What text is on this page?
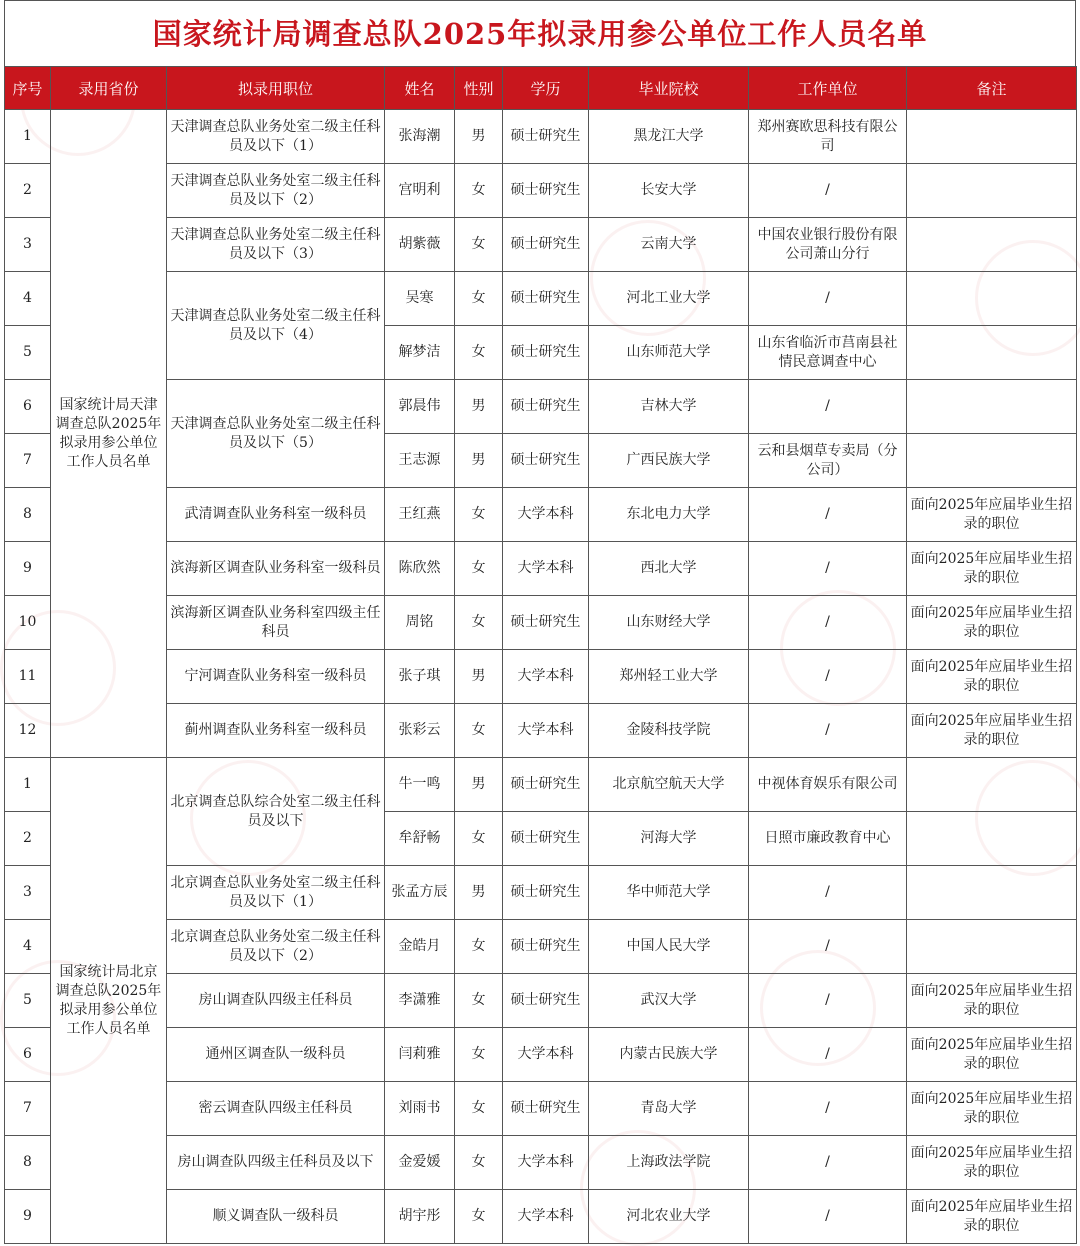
国家统计局调查总队2025年拟录用参公单位工作人员名单
序号	录用省份	拟录用职位	姓名	性别	学历	毕业院校	工作单位	备注
1	国家统计局天津调查总队2025年拟录用参公单位工作人员名单	天津调查总队业务处室二级主任科员及以下（1）	张海潮	男	硕士研究生	黑龙江大学	郑州赛欧思科技有限公司	
2		天津调查总队业务处室二级主任科员及以下（2）	宫明利	女	硕士研究生	长安大学	/	
3		天津调查总队业务处室二级主任科员及以下（3）	胡紫薇	女	硕士研究生	云南大学	中国农业银行股份有限公司萧山分行	
4		天津调查总队业务处室二级主任科员及以下（4）	吴寒	女	硕士研究生	河北工业大学	/	
5			解梦洁	女	硕士研究生	山东师范大学	山东省临沂市莒南县社情民意调查中心	
6		天津调查总队业务处室二级主任科员及以下（5）	郭晨伟	男	硕士研究生	吉林大学	/	
7			王志源	男	硕士研究生	广西民族大学	云和县烟草专卖局（分公司）	
8		武清调查队业务科室一级科员	王红燕	女	大学本科	东北电力大学	/	面向2025年应届毕业生招录的职位
9		滨海新区调查队业务科室一级科员	陈欣然	女	大学本科	西北大学	/	面向2025年应届毕业生招录的职位
10		滨海新区调查队业务科室四级主任科员	周铭	女	硕士研究生	山东财经大学	/	面向2025年应届毕业生招录的职位
11		宁河调查队业务科室一级科员	张子琪	男	大学本科	郑州轻工业大学	/	面向2025年应届毕业生招录的职位
12		蓟州调查队业务科室一级科员	张彩云	女	大学本科	金陵科技学院	/	面向2025年应届毕业生招录的职位
1	国家统计局北京调查总队2025年拟录用参公单位工作人员名单	北京调查总队综合处室二级主任科员及以下	牛一鸣	男	硕士研究生	北京航空航天大学	中视体育娱乐有限公司	
2			牟舒畅	女	硕士研究生	河海大学	日照市廉政教育中心	
3		北京调查总队业务处室二级主任科员及以下（1）	张孟方辰	男	硕士研究生	华中师范大学	/	
4		北京调查总队业务处室二级主任科员及以下（2）	金皓月	女	硕士研究生	中国人民大学	/	
5		房山调查队四级主任科员	李潇雅	女	硕士研究生	武汉大学	/	面向2025年应届毕业生招录的职位
6		通州区调查队一级科员	闫莉雅	女	大学本科	内蒙古民族大学	/	面向2025年应届毕业生招录的职位
7		密云调查队四级主任科员	刘雨书	女	硕士研究生	青岛大学	/	面向2025年应届毕业生招录的职位
8		房山调查队四级主任科员及以下	金爱媛	女	大学本科	上海政法学院	/	面向2025年应届毕业生招录的职位
9		顺义调查队一级科员	胡宇彤	女	大学本科	河北农业大学	/	面向2025年应届毕业生招录的职位
